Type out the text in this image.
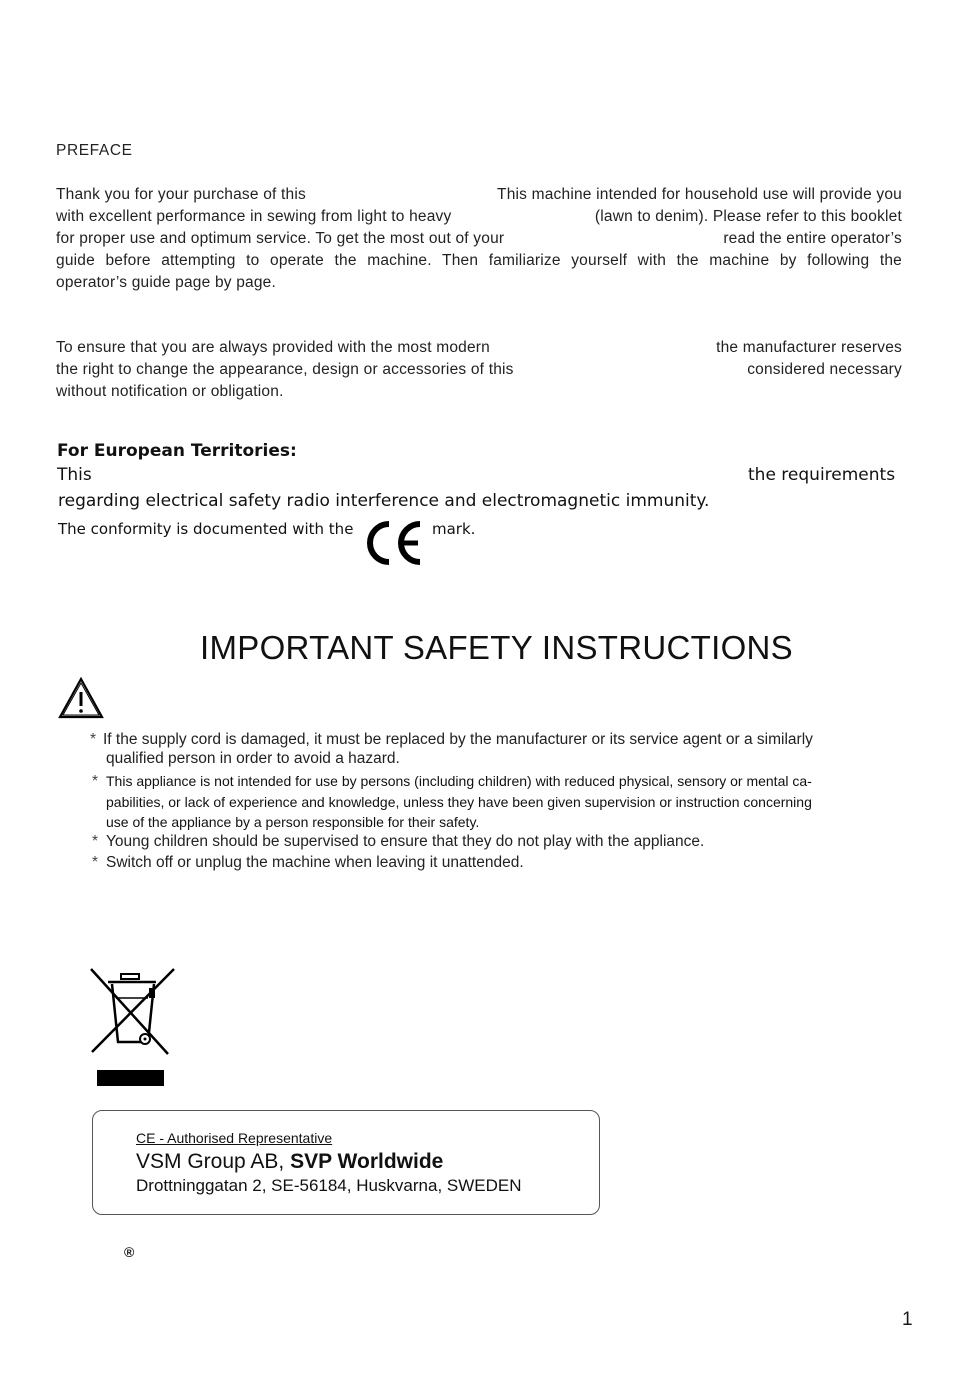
PREFACE
Thank you for your purchase of this	This machine intended for household use will provide you
with excellent performance in sewing from light to heavy	(lawn to denim). Please refer to this booklet
for proper use and optimum service. To get the most out of your	read the entire operator’s
guide before attempting to operate the machine. Then familiarize yourself with the machine by following the
operator’s guide page by page.
To ensure that you are always provided with the most modern	the manufacturer reserves
the right to change the appearance, design or accessories of this	considered necessary
without notification or obligation.
For European Territories:
This	the requirements
regarding electrical safety radio interference and electromagnetic immunity.
The conformity is documented with the	mark.
IMPORTANT SAFETY INSTRUCTIONS
* If the supply cord is damaged, it must be replaced by the manufacturer or its service agent or a similarly
qualified person in order to avoid a hazard.
* This appliance is not intended for use by persons (including children) with reduced physical, sensory or mental ca-
pabilities, or lack of experience and knowledge, unless they have been given supervision or instruction concerning
use of the appliance by a person responsible for their safety.
* Young children should be supervised to ensure that they do not play with the appliance.
* Switch off or unplug the machine when leaving it unattended.
CE - Authorised Representative
VSM Group AB, SVP Worldwide
Drottninggatan 2, SE-56184, Huskvarna, SWEDEN
®
1
